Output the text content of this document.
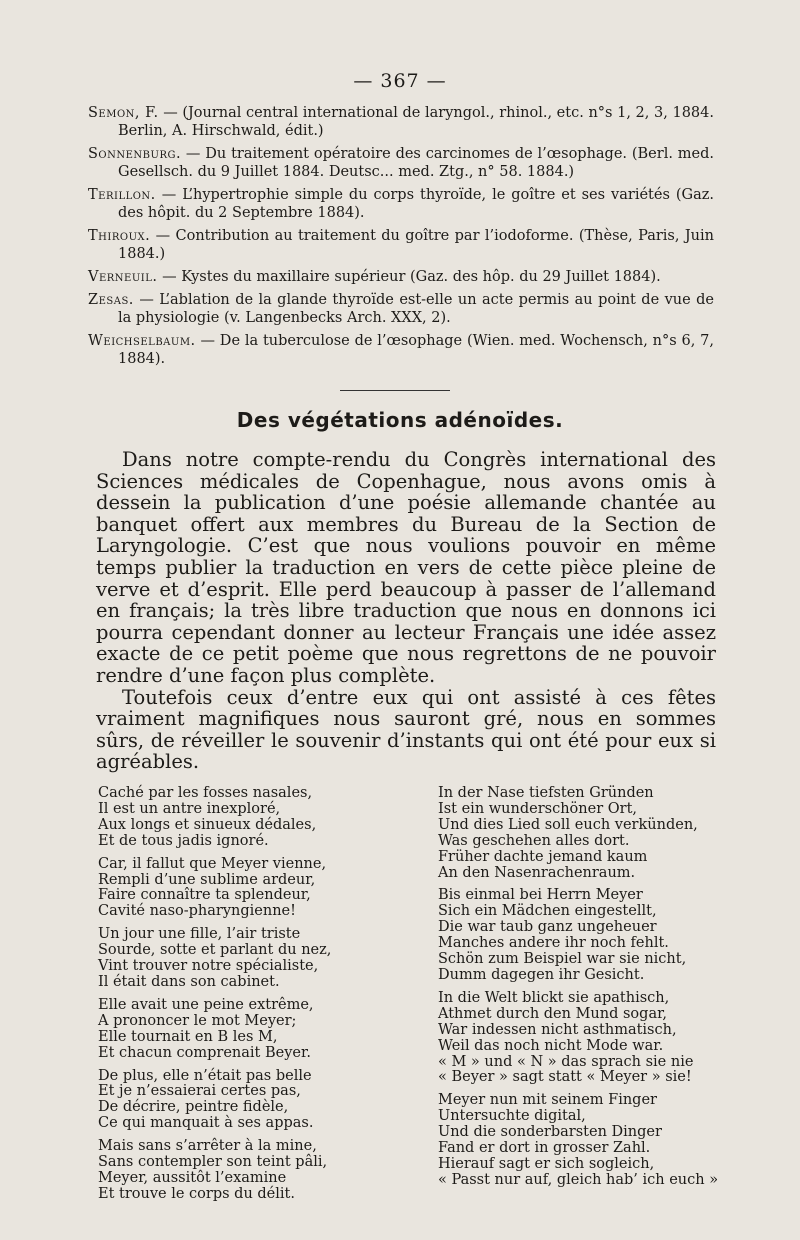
— 367 —
Semon, F. — (Journal central international de laryngol., rhinol., etc. n°s 1, 2, 3, 1884. Berlin, A. Hirschwald, édit.)
Sonnenburg. — Du traitement opératoire des carcinomes de l’œsophage. (Berl. med. Gesellsch. du 9 Juillet 1884. Deutsc... med. Ztg., n° 58. 1884.)
Terillon. — L’hypertrophie simple du corps thyroïde, le goître et ses variétés (Gaz. des hôpit. du 2 Septembre 1884).
Thiroux. — Contribution au traitement du goître par l’iodoforme. (Thèse, Paris, Juin 1884.)
Verneuil. — Kystes du maxillaire supérieur (Gaz. des hôp. du 29 Juillet 1884).
Zesas. — L’ablation de la glande thyroïde est-elle un acte permis au point de vue de la physiologie (v. Langenbecks Arch. XXX, 2).
Weichselbaum. — De la tuberculose de l’œsophage (Wien. med. Wochensch, n°s 6, 7, 1884).
Des végétations adénoïdes.

Dans notre compte-rendu du Congrès international des Sciences médicales de Copenhague, nous avons omis à dessein la publication d’une poésie allemande chantée au banquet offert aux membres du Bureau de la Section de Laryngologie. C’est que nous voulions pouvoir en même temps publier la traduction en vers de cette pièce pleine de verve et d’esprit. Elle perd beaucoup à passer de l’allemand en français; la très libre traduction que nous en donnons ici pourra cependant donner au lecteur Français une idée assez exacte de ce petit poème que nous regrettons de ne pouvoir rendre d’une façon plus complète.

Toutefois ceux d’entre eux qui ont assisté à ces fêtes vraiment magnifiques nous sauront gré, nous en sommes sûrs, de réveiller le souvenir d’instants qui ont été pour eux si agréables.

Caché par les fosses nasales,
Il est un antre inexploré,
Aux longs et sinueux dédales,
Et de tous jadis ignoré.
Car, il fallut que Meyer vienne,
Rempli d’une sublime ardeur,
Faire connaître ta splendeur,
Cavité naso-pharyngienne!
Un jour une fille, l’air triste
Sourde, sotte et parlant du nez,
Vint trouver notre spécialiste,
Il était dans son cabinet.
Elle avait une peine extrême,
A prononcer le mot Meyer;
Elle tournait en B les M,
Et chacun comprenait Beyer.
De plus, elle n’était pas belle
Et je n’essaierai certes pas,
De décrire, peintre fidèle,
Ce qui manquait à ses appas.
Mais sans s’arrêter à la mine,
Sans contempler son teint pâli,
Meyer, aussitôt l’examine
Et trouve le corps du délit.
In der Nase tiefsten Gründen
Ist ein wunderschöner Ort,
Und dies Lied soll euch verkünden,
Was geschehen alles dort.
Früher dachte jemand kaum
An den Nasenrachenraum.
Bis einmal bei Herrn Meyer
Sich ein Mädchen eingestellt,
Die war taub ganz ungeheuer
Manches andere ihr noch fehlt.
Schön zum Beispiel war sie nicht,
Dumm dagegen ihr Gesicht.
In die Welt blickt sie apathisch,
Athmet durch den Mund sogar,
War indessen nicht asthmatisch,
Weil das noch nicht Mode war.
« M » und « N » das sprach sie nie
« Beyer » sagt statt « Meyer » sie!
Meyer nun mit seinem Finger
Untersuchte digital,
Und die sonderbarsten Dinger
Fand er dort in grosser Zahl.
Hierauf sagt er sich sogleich,
« Passt nur auf, gleich hab’ ich euch »
